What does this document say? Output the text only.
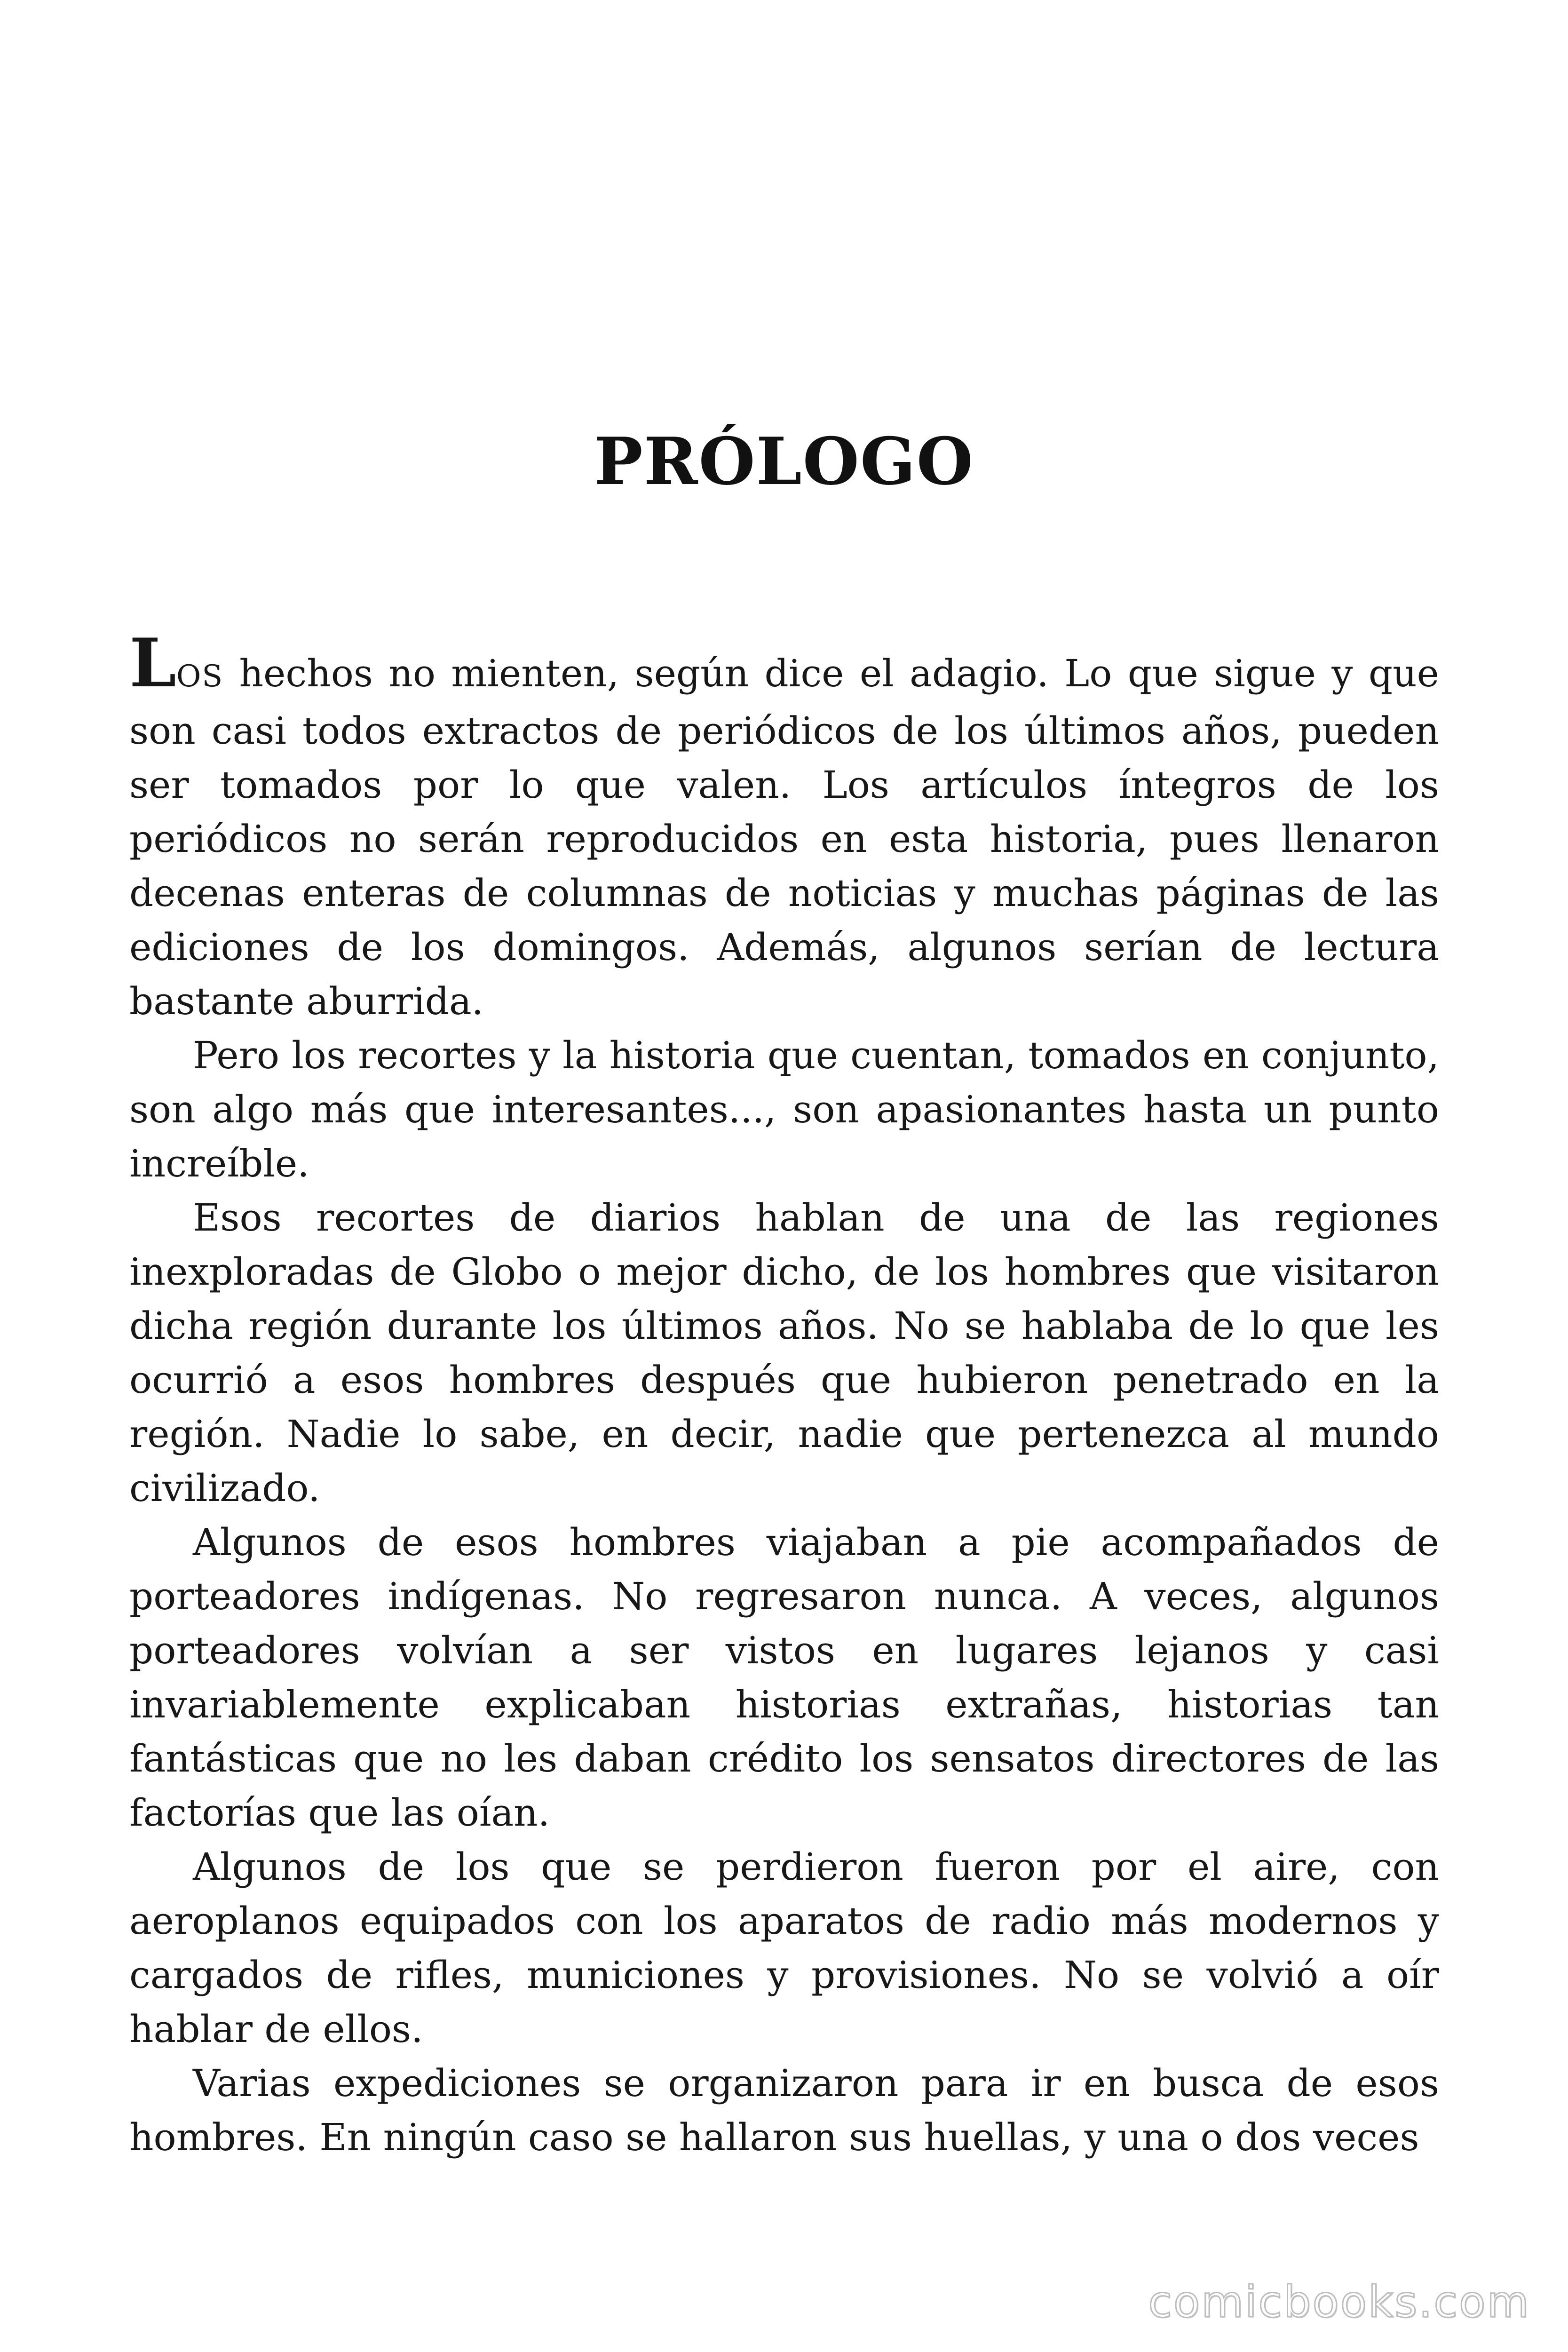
PRÓLOGO

LOS hechos no mienten, según dice el adagio. Lo que sigue y que son casi todos extractos de periódicos de los últimos años, pueden ser tomados por lo que valen. Los artículos íntegros de los periódicos no serán reproducidos en esta historia, pues llenaron decenas enteras de columnas de noticias y muchas páginas de las ediciones de los domingos. Además, algunos serían de lectura bastante aburrida.

Pero los recortes y la historia que cuentan, tomados en conjunto, son algo más que interesantes..., son apasionantes hasta un punto increíble.

Esos recortes de diarios hablan de una de las regiones inexploradas de Globo o mejor dicho, de los hombres que visitaron dicha región durante los últimos años. No se hablaba de lo que les ocurrió a esos hombres después que hubieron penetrado en la región. Nadie lo sabe, en decir, nadie que pertenezca al mundo civilizado.

Algunos de esos hombres viajaban a pie acompañados de porteadores indígenas. No regresaron nunca. A veces, algunos porteadores volvían a ser vistos en lugares lejanos y casi invariablemente explicaban historias extrañas, historias tan fantásticas que no les daban crédito los sensatos directores de las factorías que las oían.

Algunos de los que se perdieron fueron por el aire, con aeroplanos equipados con los aparatos de radio más modernos y cargados de rifles, municiones y provisiones. No se volvió a oír hablar de ellos.

Varias expediciones se organizaron para ir en busca de esos hombres. En ningún caso se hallaron sus huellas, y una o dos veces

comicbooks.com
